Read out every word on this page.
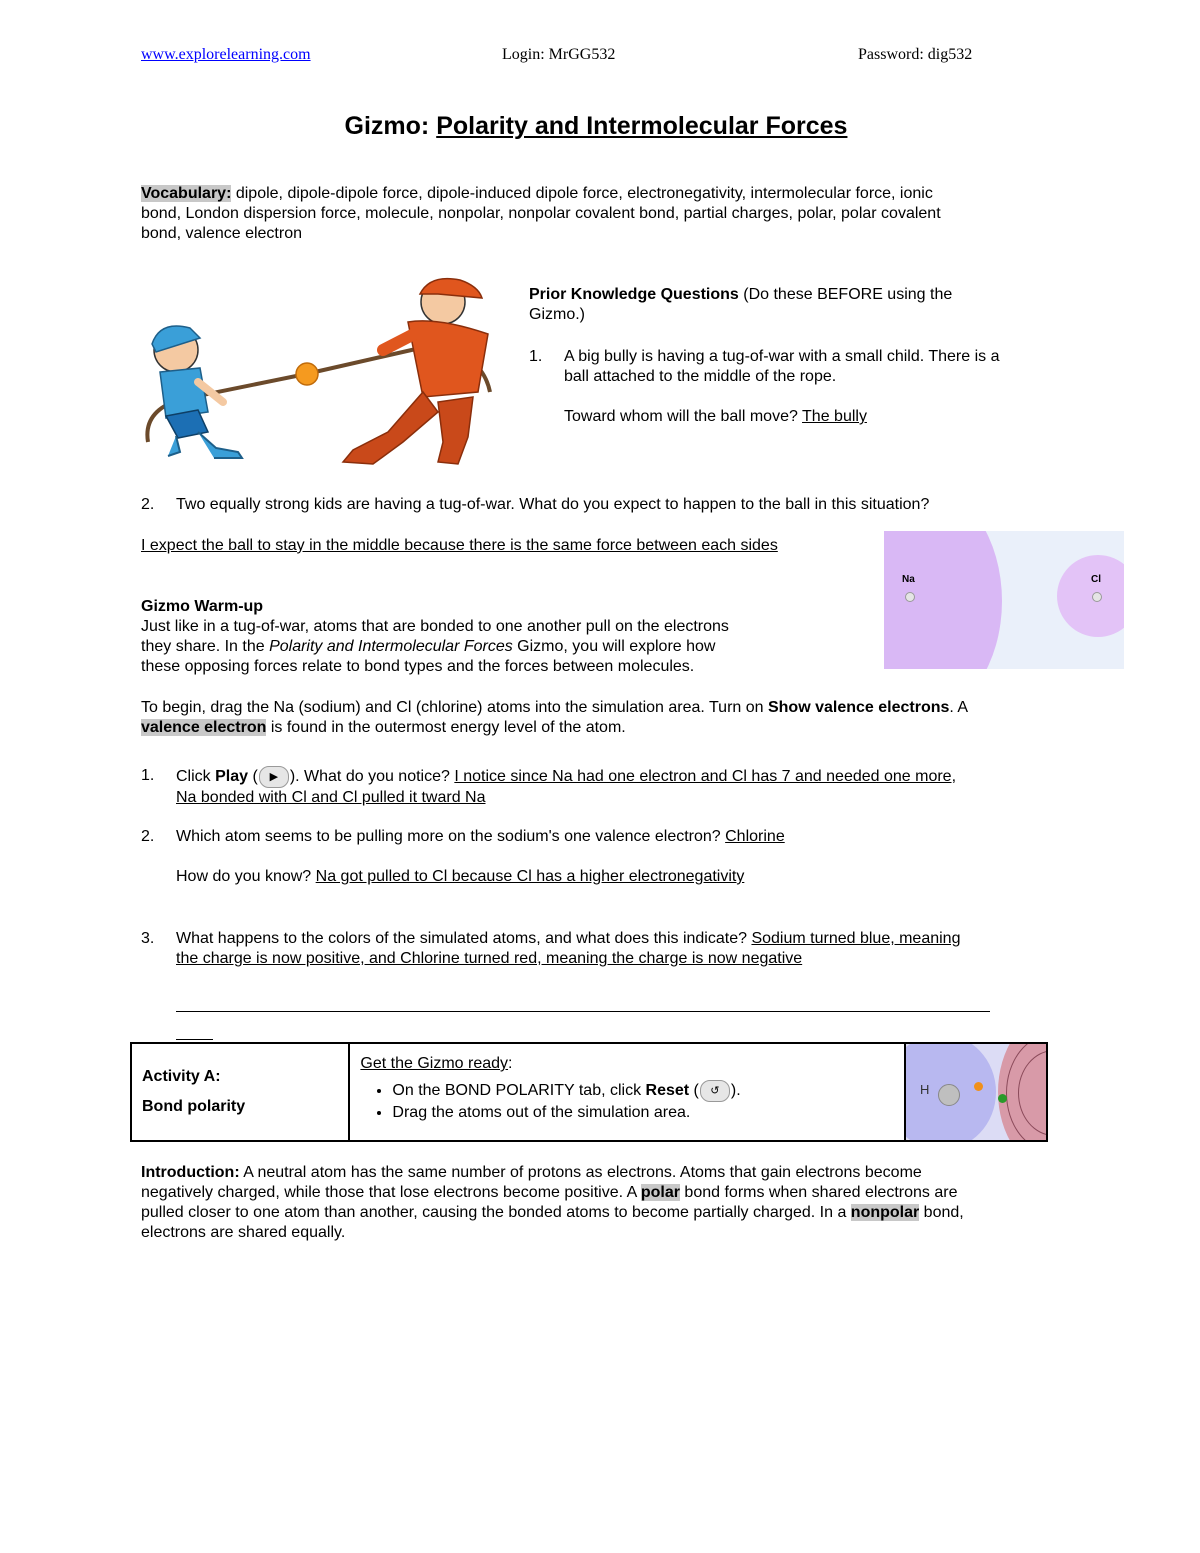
www.explorelearning.com	Login: MrGG532	Password: dig532
Gizmo: Polarity and Intermolecular Forces

Vocabulary: dipole, dipole-dipole force, dipole-induced dipole force, electronegativity, intermolecular force, ionic

bond, London dispersion force, molecule, nonpolar, nonpolar covalent bond, partial charges, polar, polar covalent

bond, valence electron

Prior Knowledge Questions (Do these BEFORE using the

Gizmo.)

1. A big bully is having a tug-of-war with a small child. There is a

ball attached to the middle of the rope.

Toward whom will the ball move? The bully

2. Two equally strong kids are having a tug-of-war. What do you expect to happen to the ball in this situation?

I expect the ball to stay in the middle because there is the same force between each sides
Na	Cl

Gizmo Warm-up

Just like in a tug-of-war, atoms that are bonded to one another pull on the electrons

they share. In the Polarity and Intermolecular Forces Gizmo, you will explore how

these opposing forces relate to bond types and the forces between molecules.

To begin, drag the Na (sodium) and Cl (chlorine) atoms into the simulation area. Turn on Show valence electrons. A

valence electron is found in the outermost energy level of the atom.

1. Click Play ( ▶ ). What do you notice? I notice since Na had one electron and Cl has 7 and needed one more,

Na bonded with Cl and Cl pulled it tward Na

2. Which atom seems to be pulling more on the sodium's one valence electron? Chlorine

How do you know? Na got pulled to Cl because Cl has a higher electronegativity

3. What happens to the colors of the simulated atoms, and what does this indicate? Sodium turned blue, meaning

the charge is now positive, and Chlorine turned red, meaning the charge is now negative

Activity A:

Bond polarity

Get the Gizmo ready:

• On the BOND POLARITY tab, click Reset ( ↺ ).
• Drag the atoms out of the simulation area.

H

Introduction: A neutral atom has the same number of protons as electrons. Atoms that gain electrons become

negatively charged, while those that lose electrons become positive. A polar bond forms when shared electrons are

pulled closer to one atom than another, causing the bonded atoms to become partially charged. In a nonpolar bond,

electrons are shared equally.
